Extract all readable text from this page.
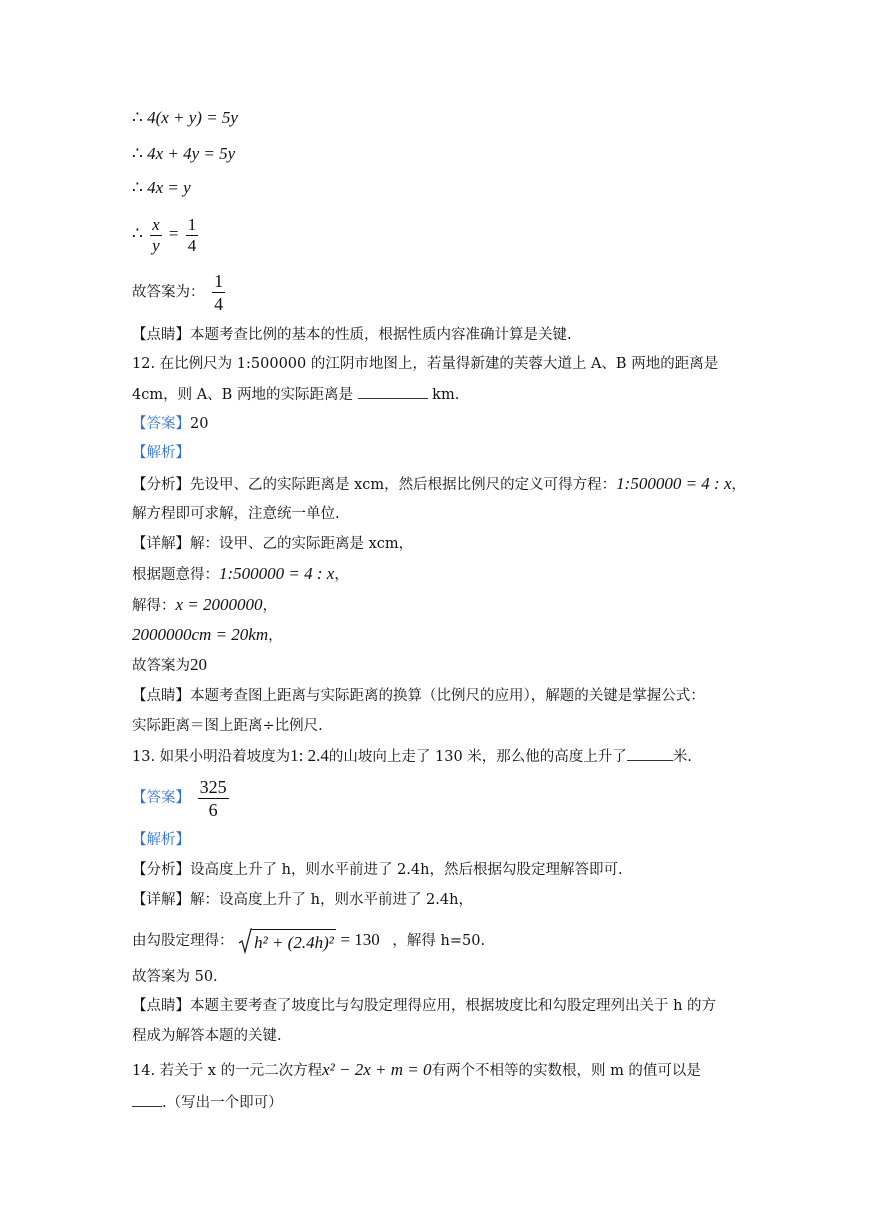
∴ 4(x + y) = 5y
∴ 4x + 4y = 5y
∴ 4x = y
∴ $\frac{x}{y} = \frac{1}{4}$
故答案为： $\frac{1}{4}$
【点睛】本题考查比例的基本的性质，根据性质内容准确计算是关键.
12. 在比例尺为 1:500000 的江阴市地图上，若量得新建的芙蓉大道上 A、B 两地的距离是
4cm，则 A、B 两地的实际距离是	km.
【答案】20
【解析】
【分析】先设甲、乙的实际距离是 xcm，然后根据比例尺的定义可得方程：1:500000 = 4 : x，
解方程即可求解，注意统一单位.
【详解】解：设甲、乙的实际距离是 xcm，
根据题意得：1:500000 = 4 : x，
解得：x = 2000000，
2000000cm = 20km，
故答案为20
【点睛】本题考查图上距离与实际距离的换算（比例尺的应用），解题的关键是掌握公式：
实际距离＝图上距离÷比例尺.
13. 如果小明沿着坡度为1: 2.4的山坡向上走了 130 米，那么他的高度上升了	米.
【答案】 $\frac{325}{6}$
【解析】
【分析】设高度上升了 h，则水平前进了 2.4h，然后根据勾股定理解答即可.
【详解】解：设高度上升了 h，则水平前进了 2.4h，
由勾股定理得： h² + (2.4h)² = 130 ，解得 h=50.
故答案为 50.
【点睛】本题主要考查了坡度比与勾股定理得应用，根据坡度比和勾股定理列出关于 h 的方
程成为解答本题的关键.
14. 若关于 x 的一元二次方程x² − 2x + m = 0有两个不相等的实数根，则 m 的值可以是
.（写出一个即可）
